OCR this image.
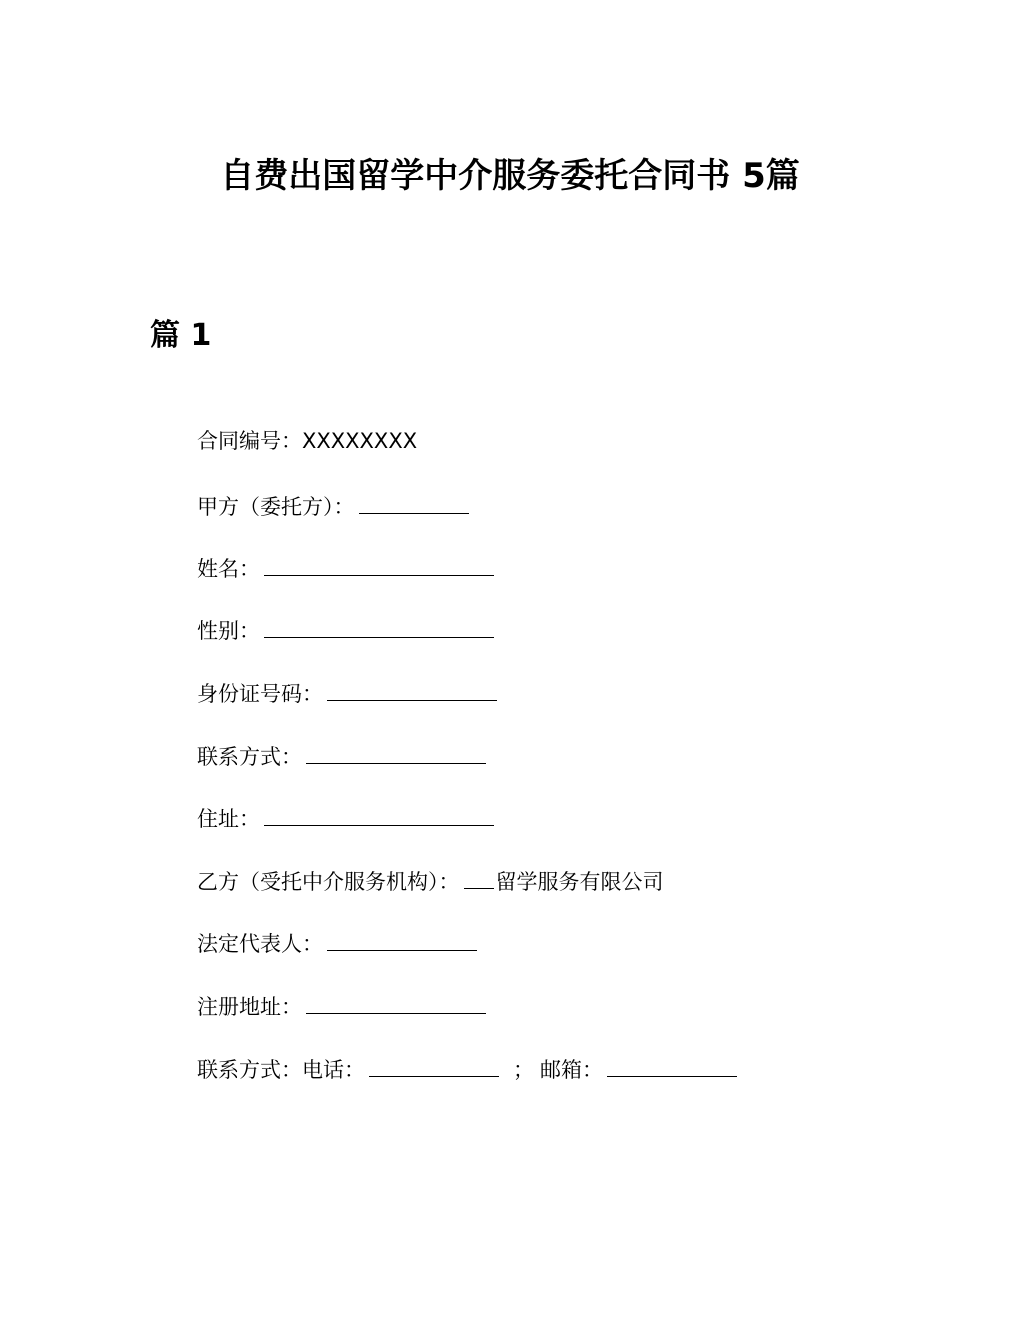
自费出国留学中介服务委托合同书 5篇
篇 1
合同编号：XXXXXXXX
甲方（委托方）：
姓名：
性别：
身份证号码：
联系方式：
住址：
乙方（受托中介服务机构）： 留学服务有限公司
法定代表人：
注册地址：
联系方式：电话：	； 邮箱：
